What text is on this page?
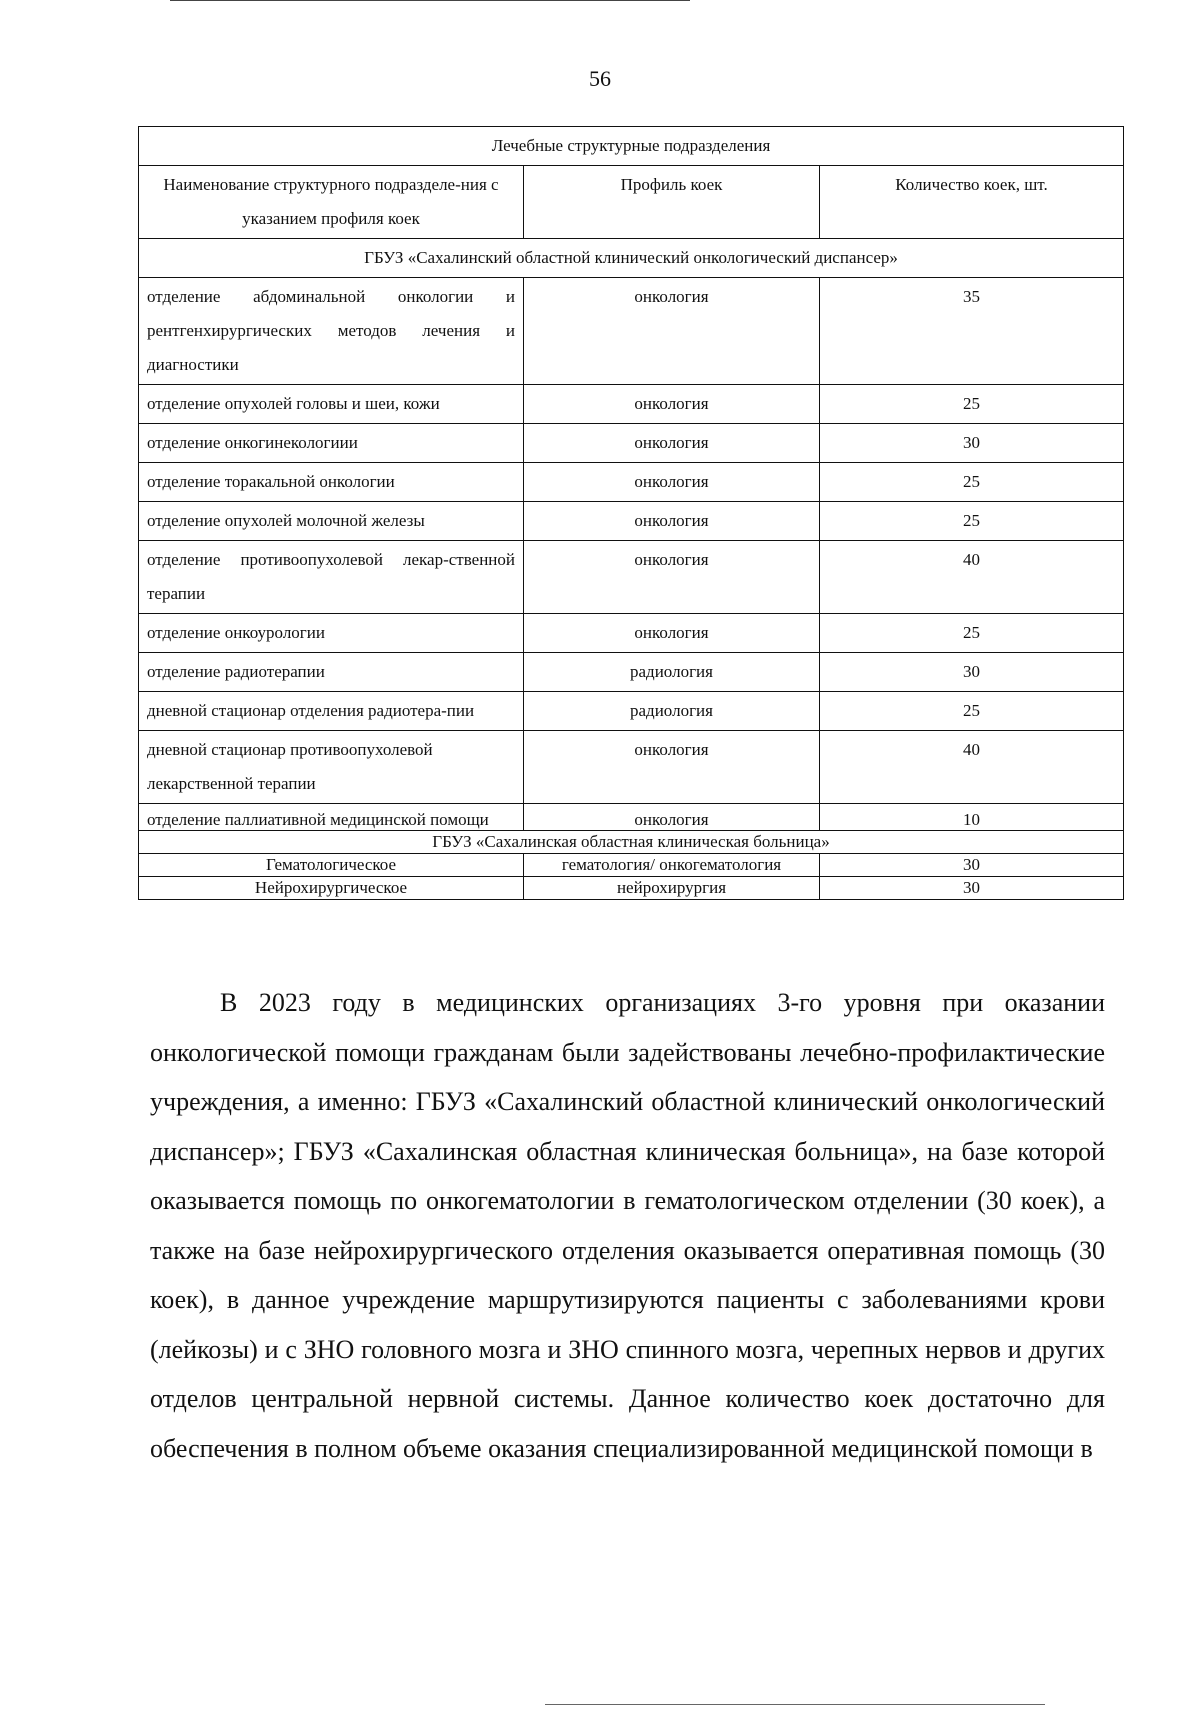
56
Лечебные структурные подразделения		
Наименование структурного подразделе-ния с указанием профиля коек	Профиль коек	Количество коек, шт.
ГБУЗ «Сахалинский областной клинический онкологический диспансер»		
отделение абдоминальной онкологии и рентгенхирургических методов лечения и диагностики	онкология	35
отделение опухолей головы и шеи, кожи	онкология	25
отделение онкогинекологиии	онкология	30
отделение торакальной онкологии	онкология	25
отделение опухолей молочной железы	онкология	25
отделение противоопухолевой лекар-ственной терапии	онкология	40
отделение онкоурологии	онкология	25
отделение радиотерапии	радиология	30
дневной стационар отделения радиотера-пии	радиология	25
дневной стационар противоопухолевой лекарственной терапии	онкология	40
отделение паллиативной медицинской помощи	онкология	10
ГБУЗ «Сахалинская областная клиническая больница»		
Гематологическое	гематология/ онкогематология	30
Нейрохирургическое	нейрохирургия	30

В 2023 году в медицинских организациях 3-го уровня при оказании онкологической помощи гражданам были задействованы лечебно-профилактические учреждения, а именно: ГБУЗ «Сахалинский областной клинический онкологический диспансер»; ГБУЗ «Сахалинская областная клиническая больница», на базе которой оказывается помощь по онкогематологии в гематологическом отделении (30 коек), а также на базе нейрохирургического отделения оказывается оперативная помощь (30 коек), в данное учреждение маршрутизируются пациенты с заболеваниями крови (лейкозы) и с ЗНО головного мозга и ЗНО спинного мозга, черепных нервов и других отделов центральной нервной системы. Данное количество коек достаточно для обеспечения в полном объеме оказания специализированной медицинской помощи в
